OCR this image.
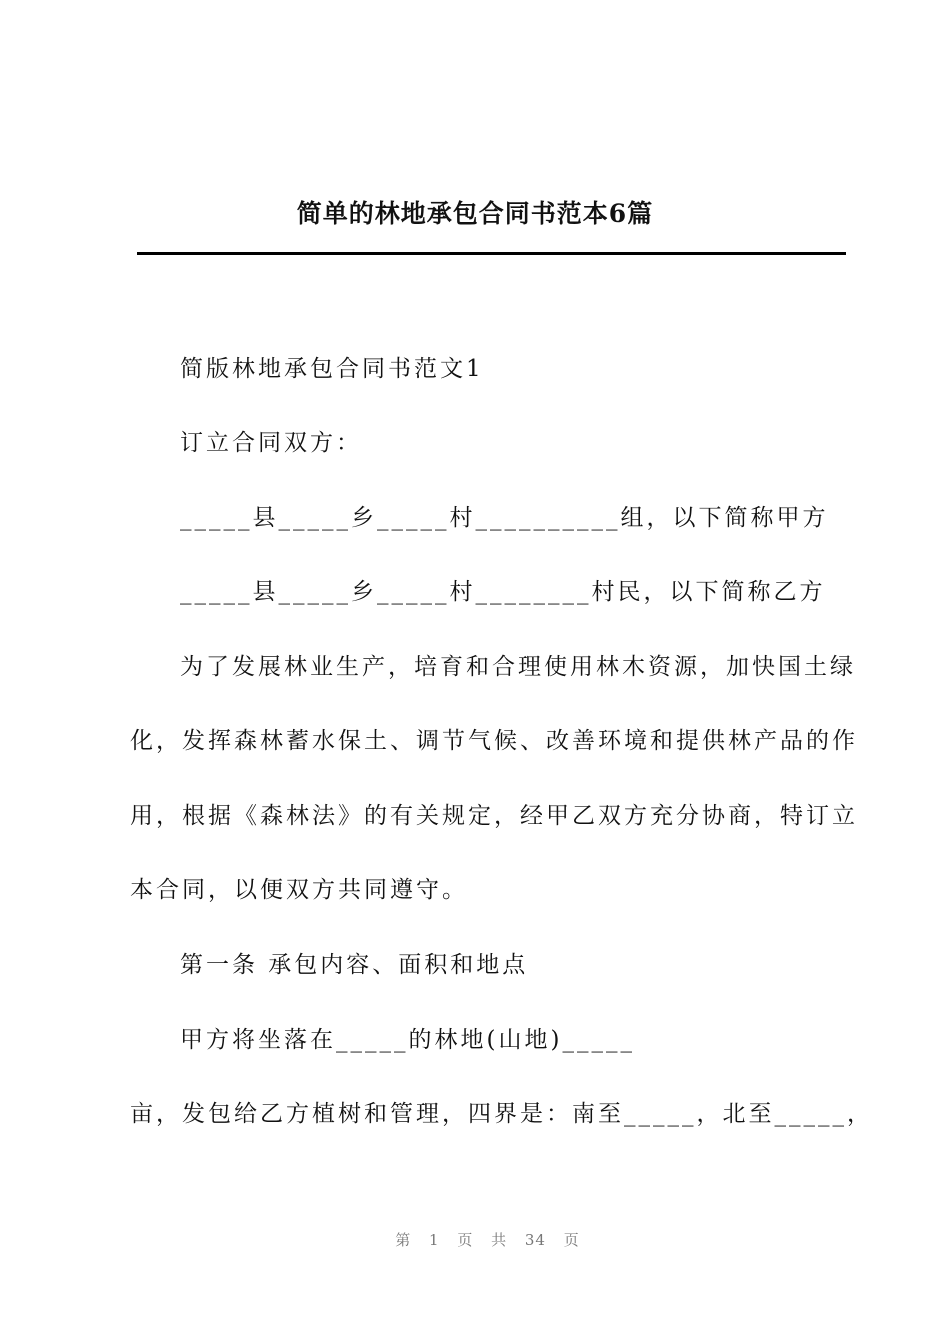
简单的林地承包合同书范本6篇
简版林地承包合同书范文1
订立合同双方：
_____县_____乡_____村__________组，以下简称甲方
_____县_____乡_____村________村民，以下简称乙方
为了发展林业生产，培育和合理使用林木资源，加快国土绿
化，发挥森林蓄水保土、调节气候、改善环境和提供林产品的作
用，根据《森林法》的有关规定，经甲乙双方充分协商，特订立
本合同，以便双方共同遵守。
第一条 承包内容、面积和地点
甲方将坐落在_____的林地(山地)_____
亩，发包给乙方植树和管理，四界是：南至_____，北至_____，
第 1 页 共 34 页
